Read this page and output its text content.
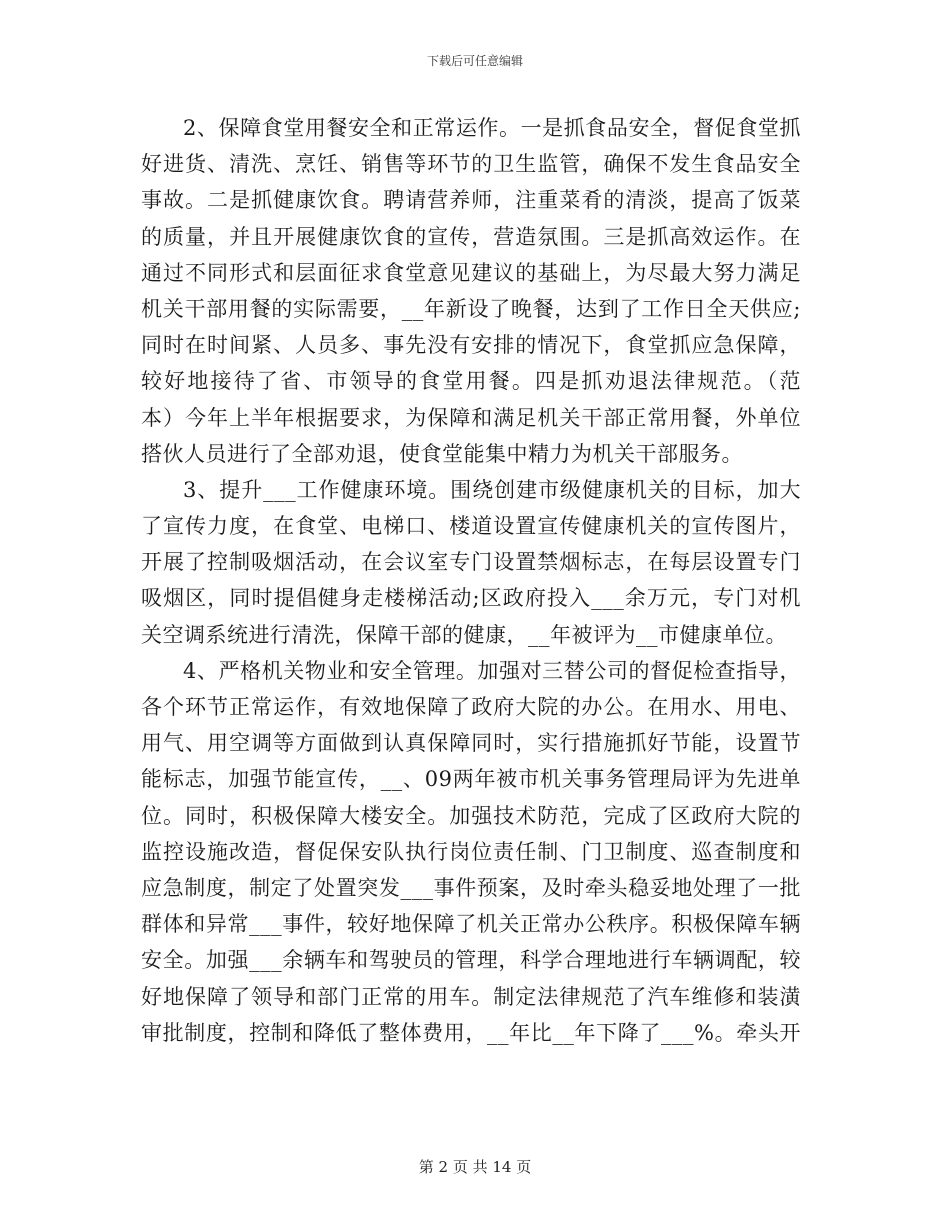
下载后可任意编辑
2、保障食堂用餐安全和正常运作。一是抓食品安全，督促食堂抓
好进货、清洗、烹饪、销售等环节的卫生监管，确保不发生食品安全
事故。二是抓健康饮食。聘请营养师，注重菜肴的清淡，提高了饭菜
的质量，并且开展健康饮食的宣传，营造氛围。三是抓高效运作。在
通过不同形式和层面征求食堂意见建议的基础上，为尽最大努力满足
机关干部用餐的实际需要，__年新设了晚餐，达到了工作日全天供应;
同时在时间紧、人员多、事先没有安排的情况下，食堂抓应急保障，
较好地接待了省、市领导的食堂用餐。四是抓劝退法律规范。（范
本）今年上半年根据要求，为保障和满足机关干部正常用餐，外单位
搭伙人员进行了全部劝退，使食堂能集中精力为机关干部服务。
3、提升___工作健康环境。围绕创建市级健康机关的目标，加大
了宣传力度，在食堂、电梯口、楼道设置宣传健康机关的宣传图片，
开展了控制吸烟活动，在会议室专门设置禁烟标志，在每层设置专门
吸烟区，同时提倡健身走楼梯活动;区政府投入___余万元，专门对机
关空调系统进行清洗，保障干部的健康，__年被评为__市健康单位。
4、严格机关物业和安全管理。加强对三替公司的督促检查指导，
各个环节正常运作，有效地保障了政府大院的办公。在用水、用电、
用气、用空调等方面做到认真保障同时，实行措施抓好节能，设置节
能标志，加强节能宣传，__、09两年被市机关事务管理局评为先进单
位。同时，积极保障大楼安全。加强技术防范，完成了区政府大院的
监控设施改造，督促保安队执行岗位责任制、门卫制度、巡查制度和
应急制度，制定了处置突发___事件预案，及时牵头稳妥地处理了一批
群体和异常___事件，较好地保障了机关正常办公秩序。积极保障车辆
安全。加强___余辆车和驾驶员的管理，科学合理地进行车辆调配，较
好地保障了领导和部门正常的用车。制定法律规范了汽车维修和装潢
审批制度，控制和降低了整体费用，__年比__年下降了___%。牵头开
第 2 页 共 14 页
